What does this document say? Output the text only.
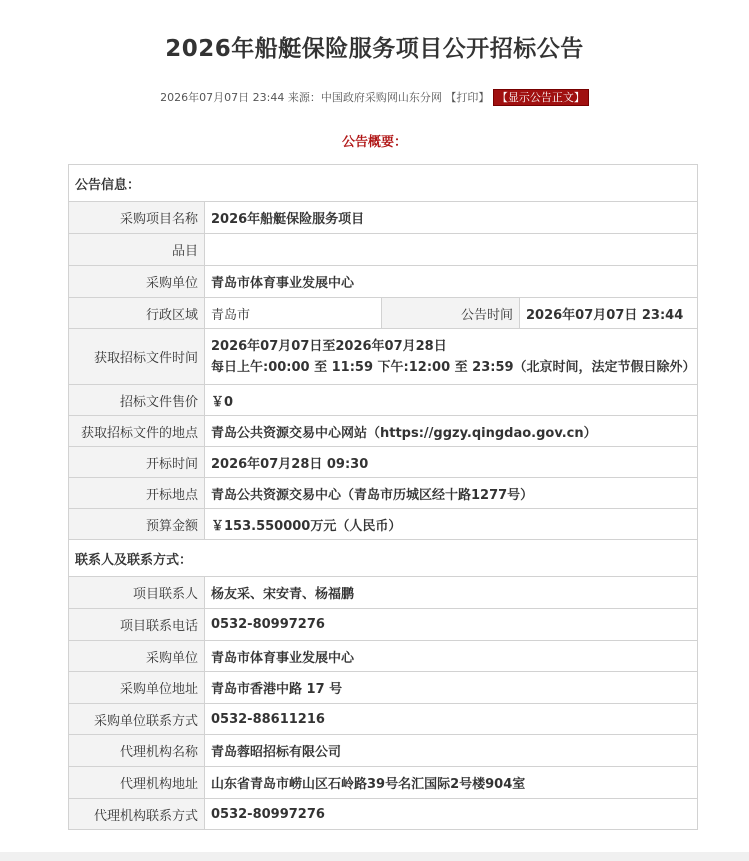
2026年船艇保险服务项目公开招标公告
2026年07月07日 23:44 来源：中国政府采购网山东分网 【打印】 【显示公告正文】
公告概要：
公告信息：			
采购项目名称	2026年船艇保险服务项目		
品目			
采购单位	青岛市体育事业发展中心		
行政区域	青岛市	公告时间	2026年07月07日 23:44
获取招标文件时间	2026年07月07日至2026年07月28日
每日上午:00:00 至 11:59 下午:12:00 至 23:59（北京时间，法定节假日除外）		

招标文件售价	￥0		
获取招标文件的地点	青岛公共资源交易中心网站（https://ggzy.qingdao.gov.cn）		
开标时间	2026年07月28日 09:30		
开标地点	青岛公共资源交易中心（青岛市历城区经十路1277号）		
预算金额	￥153.550000万元（人民币）		
联系人及联系方式：			
项目联系人	杨友采、宋安青、杨福鹏		
项目联系电话	0532-80997276		
采购单位	青岛市体育事业发展中心		
采购单位地址	青岛市香港中路 17 号		
采购单位联系方式	0532-88611216		
代理机构名称	青岛蓉昭招标有限公司		
代理机构地址	山东省青岛市崂山区石岭路39号名汇国际2号楼904室		
代理机构联系方式	0532-80997276		
